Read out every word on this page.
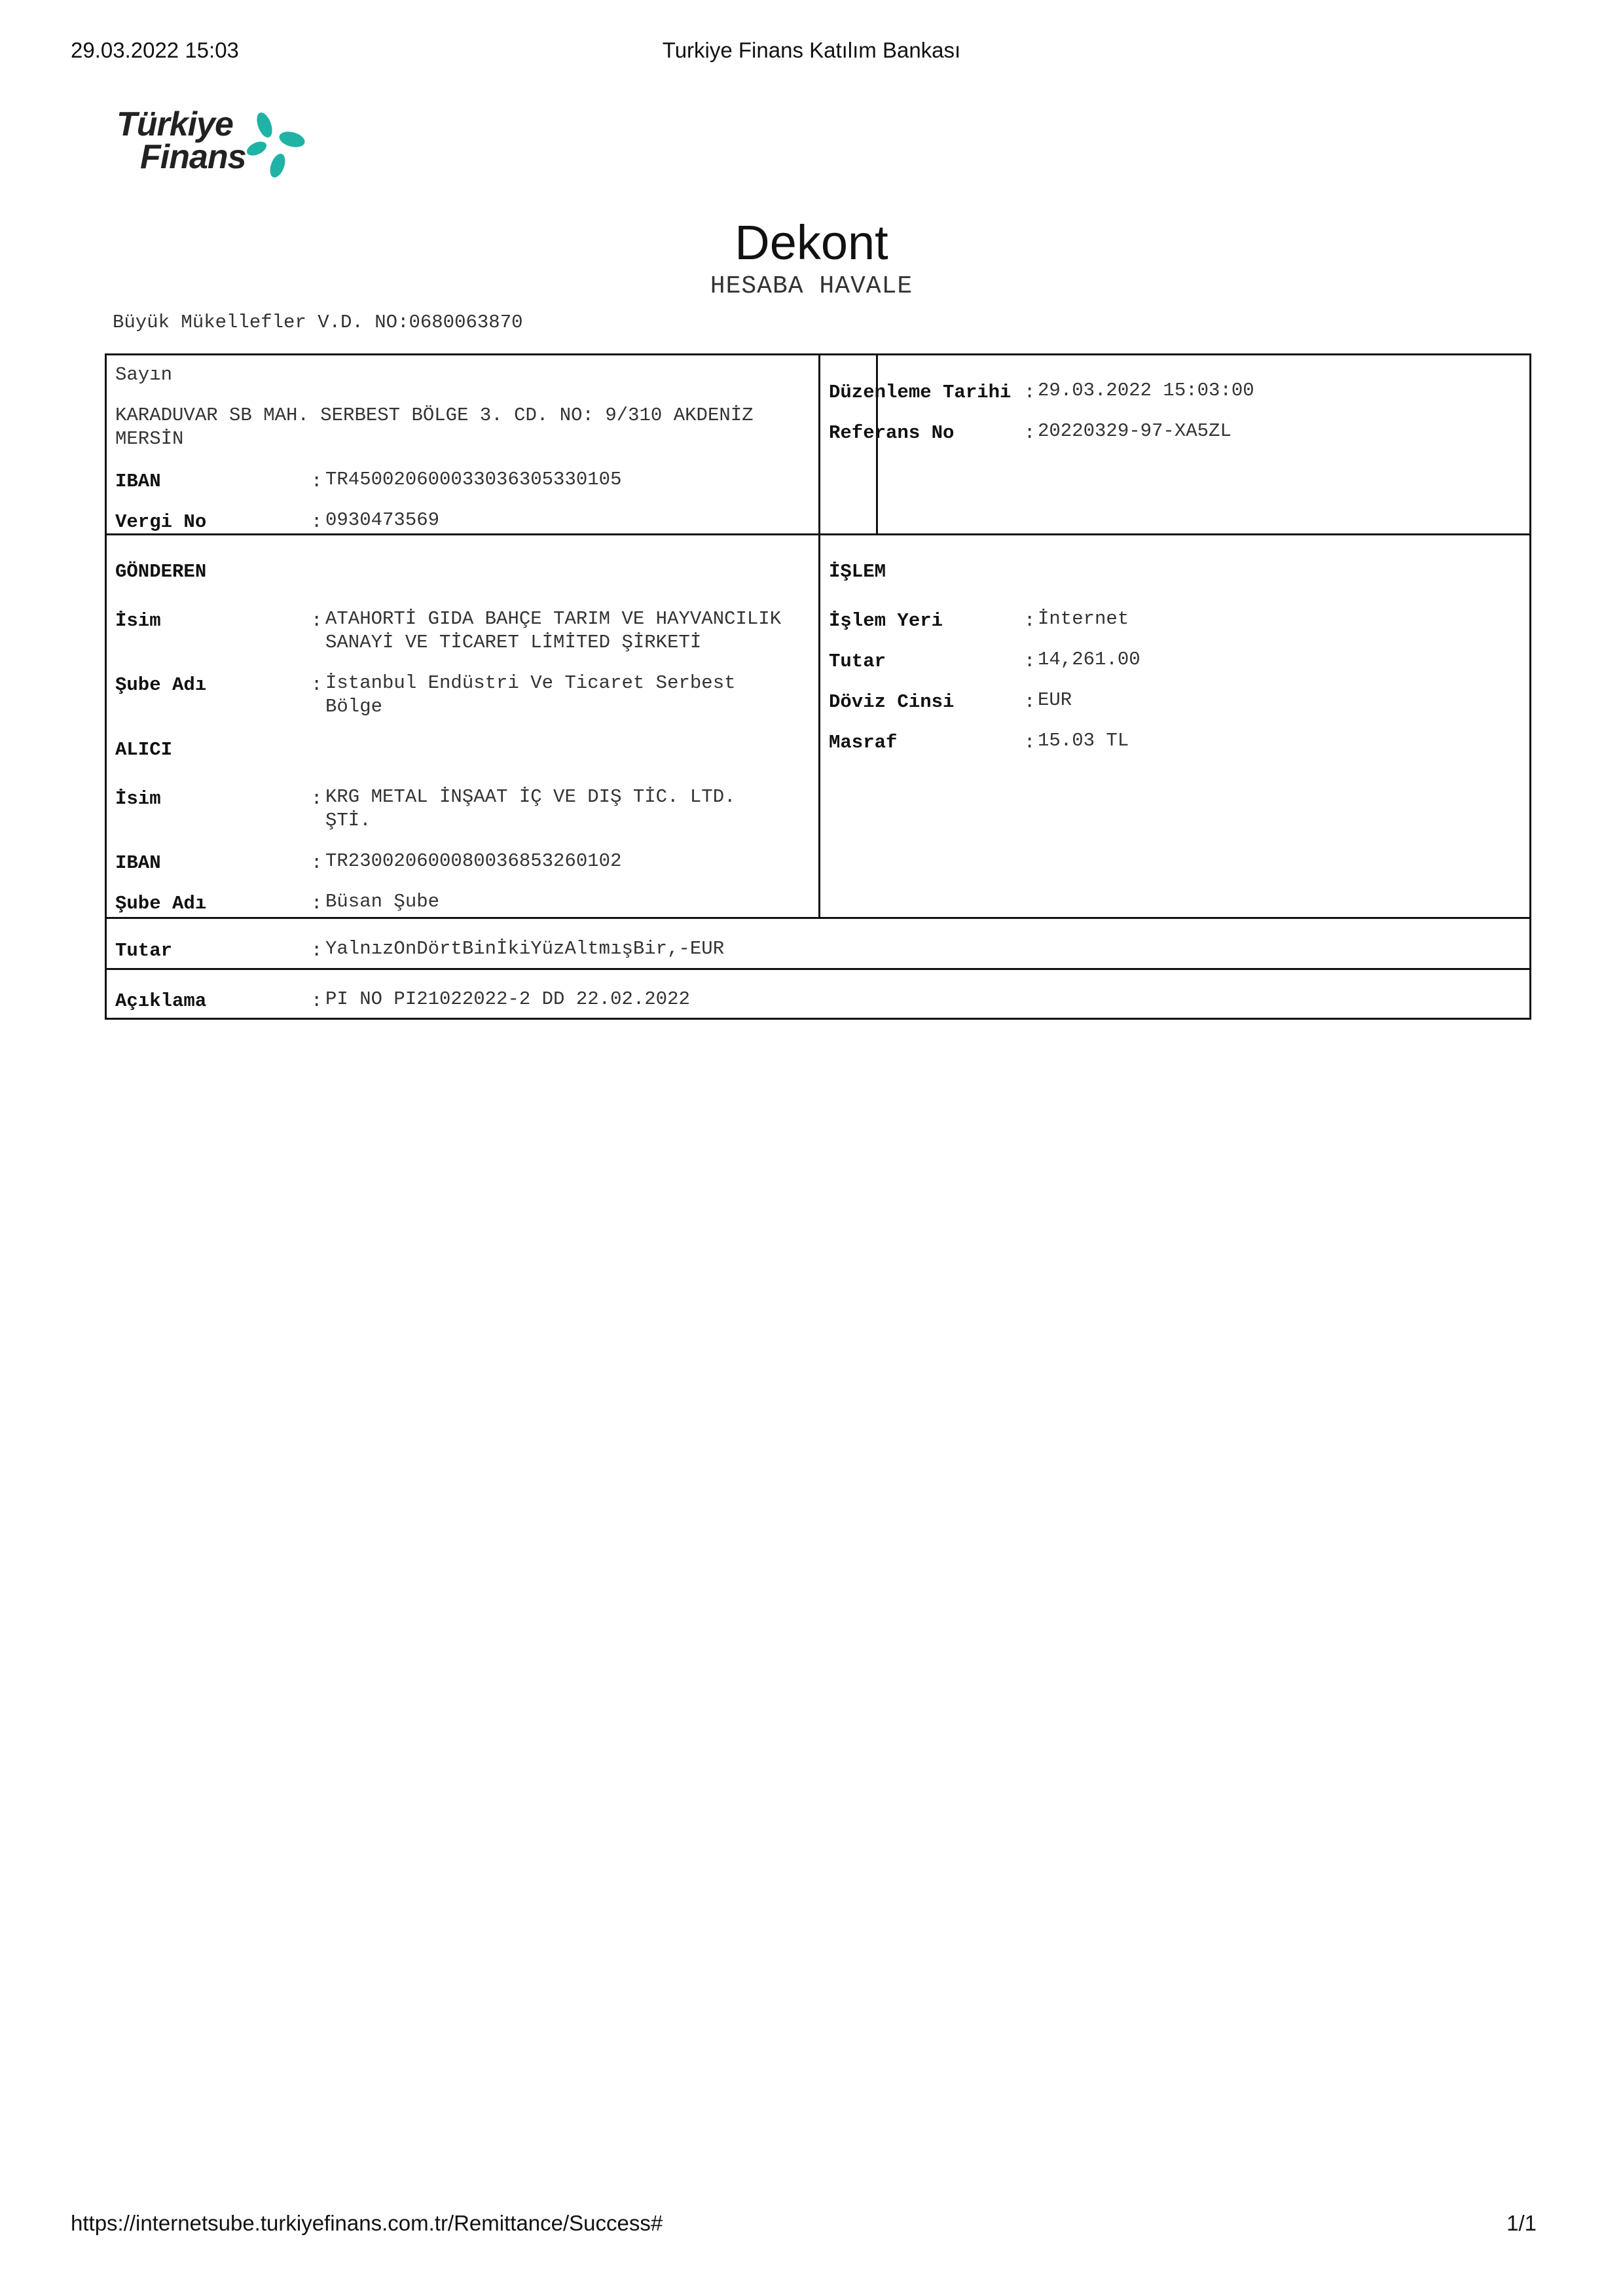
29.03.2022 15:03	Turkiye Finans Katılım Bankası
Türkiye
Finans
Dekont
HESABA HAVALE
Büyük Mükellefler V.D. NO:0680063870
Sayın
KARADUVAR SB MAH. SERBEST BÖLGE 3. CD. NO: 9/310 AKDENİZ
MERSİN
IBAN	: TR450020600033036305330105
Vergi No	: 0930473569
Düzenleme Tarihi : 29.03.2022 15:03:00
Referans No	: 20220329-97-XA5ZL
GÖNDEREN
İsim	: ATAHORTİ GIDA BAHÇE TARIM VE HAYVANCILIK
SANAYİ VE TİCARET LİMİTED ŞİRKETİ
Şube Adı	: İstanbul Endüstri Ve Ticaret Serbest
Bölge
ALICI
İsim	: KRG METAL İNŞAAT İÇ VE DIŞ TİC. LTD.
ŞTİ.
IBAN	: TR230020600080036853260102
Şube Adı	: Büsan Şube
İŞLEM
İşlem Yeri	: İnternet
Tutar	: 14,261.00
Döviz Cinsi	: EUR
Masraf	: 15.03 TL
Tutar	: YalnızOnDörtBinİkiYüzAltmışBir,-EUR
Açıklama	: PI NO PI21022022-2 DD 22.02.2022
https://internetsube.turkiyefinans.com.tr/Remittance/Success#	1/1
